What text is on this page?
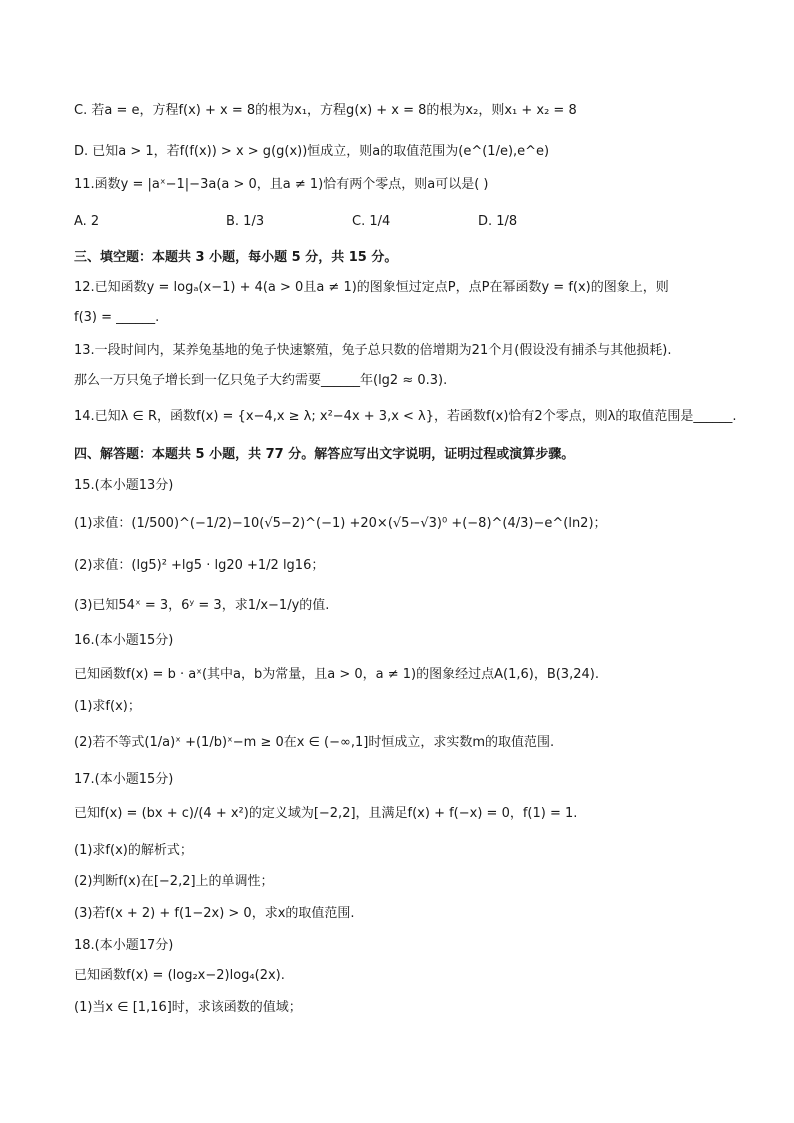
C. 若a = e，方程f(x) + x = 8的根为x₁，方程g(x) + x = 8的根为x₂，则x₁ + x₂ = 8
D. 已知a > 1，若f(f(x)) > x > g(g(x))恒成立，则a的取值范围为(e^(1/e),e^e)
11.函数y = |aˣ−1|−3a(a > 0，且a ≠ 1)恰有两个零点，则a可以是( )
A. 2	B. 1/3	C. 1/4	D. 1/8
三、填空题：本题共 3 小题，每小题 5 分，共 15 分。
12.已知函数y = logₐ(x−1) + 4(a > 0且a ≠ 1)的图象恒过定点P，点P在幂函数y = f(x)的图象上，则
f(3) = ______.
13.一段时间内，某养兔基地的兔子快速繁殖，兔子总只数的倍增期为21个月(假设没有捕杀与其他损耗).
那么一万只兔子增长到一亿只兔子大约需要______年(lg2 ≈ 0.3).
14.已知λ ∈ R，函数f(x) = {x−4,x ≥ λ; x²−4x + 3,x < λ}，若函数f(x)恰有2个零点，则λ的取值范围是______.
四、解答题：本题共 5 小题，共 77 分。解答应写出文字说明，证明过程或演算步骤。
15.(本小题13分)
(1)求值：(1/500)^(−1/2)−10(√5−2)^(−1) +20×(√5−√3)⁰ +(−8)^(4/3)−e^(ln2)；
(2)求值：(lg5)² +lg5 · lg20 +1/2 lg16；
(3)已知54ˣ = 3，6ʸ = 3，求1/x−1/y的值.
16.(本小题15分)
已知函数f(x) = b · aˣ(其中a，b为常量，且a > 0，a ≠ 1)的图象经过点A(1,6)，B(3,24).
(1)求f(x)；
(2)若不等式(1/a)ˣ +(1/b)ˣ−m ≥ 0在x ∈ (−∞,1]时恒成立，求实数m的取值范围.
17.(本小题15分)
已知f(x) = (bx + c)/(4 + x²)的定义域为[−2,2]，且满足f(x) + f(−x) = 0，f(1) = 1.
(1)求f(x)的解析式；
(2)判断f(x)在[−2,2]上的单调性；
(3)若f(x + 2) + f(1−2x) > 0，求x的取值范围.
18.(本小题17分)
已知函数f(x) = (log₂x−2)log₄(2x).
(1)当x ∈ [1,16]时，求该函数的值域；
